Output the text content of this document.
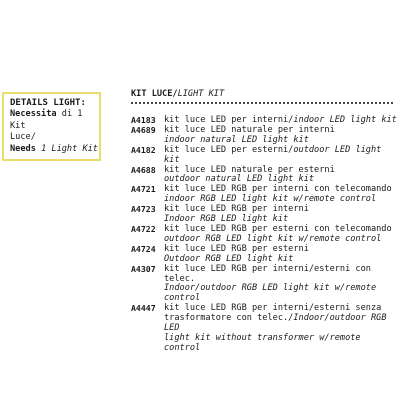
DETAILS LIGHT:
Necessita di 1 Kit
Luce/
Needs 1 Light Kit
KIT LUCE/LIGHT KIT
A4183 kit luce LED per interni/indoor LED light kit
A4689 kit luce LED naturale per interni
indoor natural LED light kit
A4182 kit luce LED per esterni/outdoor LED light kit
A4688 kit luce LED naturale per esterni
outdoor natural LED light kit
A4721 kit luce LED RGB per interni con telecomando
indoor RGB LED light kit w/remote control
A4723 kit luce LED RGB per interni
Indoor RGB LED light kit
A4722 kit luce LED RGB per esterni con telecomando
outdoor RGB LED light kit w/remote control
A4724 kit luce LED RGB per esterni
Outdoor RGB LED light kit
A4307 kit luce LED RGB per interni/esterni con telec.
Indoor/outdoor RGB LED light kit w/remote control
A4447 kit luce LED RGB per interni/esterni senza
trasformatore con telec./Indoor/outdoor RGB LED
light kit without transformer w/remote control
